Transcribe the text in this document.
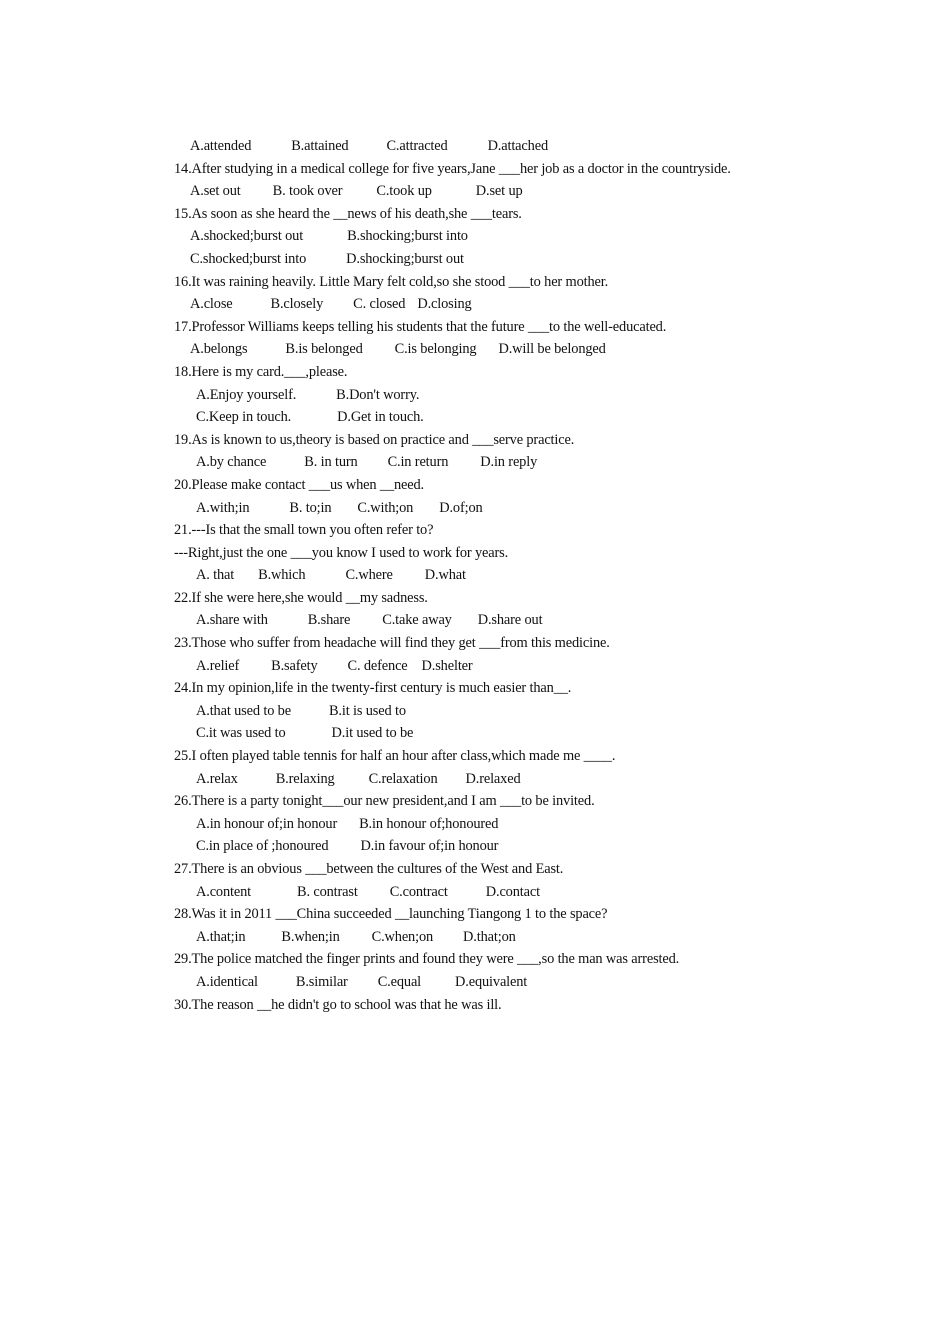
A.attended	B.attained	C.attracted	D.attached
14.After studying in a medical college for five years,Jane ___her job as a doctor in the countryside.
A.set out B. took over C.took up	D.set up
15.As soon as she heard the __news of his death,she ___tears.
A.shocked;burst out	B.shocking;burst into
C.shocked;burst into	D.shocking;burst out
16.It was raining heavily. Little Mary felt cold,so she stood ___to her mother.
A.close	B.closely C. closed D.closing
17.Professor Williams keeps telling his students that the future ___to the well-educated.
A.belongs	B.is belonged C.is belonging D.will be belonged
18.Here is my card.___,please.
A.Enjoy yourself.	B.Don't worry.
C.Keep in touch.	D.Get in touch.
19.As is known to us,theory is based on practice and ___serve practice.
A.by chance	B. in turn C.in return D.in reply
20.Please make contact ___us when __need.
A.with;in	B. to;in C.with;on D.of;on
21.---Is that the small town you often refer to?
---Right,just the one ___you know I used to work for years.
A. that B.which	C.where D.what
22.If she were here,she would __my sadness.
A.share with	B.share C.take away D.share out
23.Those who suffer from headache will find they get ___from this medicine.
A.relief B.safety C. defence D.shelter
24.In my opinion,life in the twenty-first century is much easier than__.
A.that used to be	B.it is used to
C.it was used to	D.it used to be
25.I often played table tennis for half an hour after class,which made me ____.
A.relax	B.relaxing C.relaxation D.relaxed
26.There is a party tonight___our new president,and I am ___to be invited.
A.in honour of;in honour B.in honour of;honoured
C.in place of ;honoured D.in favour of;in honour
27.There is an obvious ___between the cultures of the West and East.
A.content	B. contrast C.contract	D.contact
28.Was it in 2011 ___China succeeded __launching Tiangong 1 to the space?
A.that;in	B.when;in C.when;on D.that;on
29.The police matched the finger prints and found they were ___,so the man was arrested.
A.identical	B.similar C.equal D.equivalent
30.The reason __he didn't go to school was that he was ill.
